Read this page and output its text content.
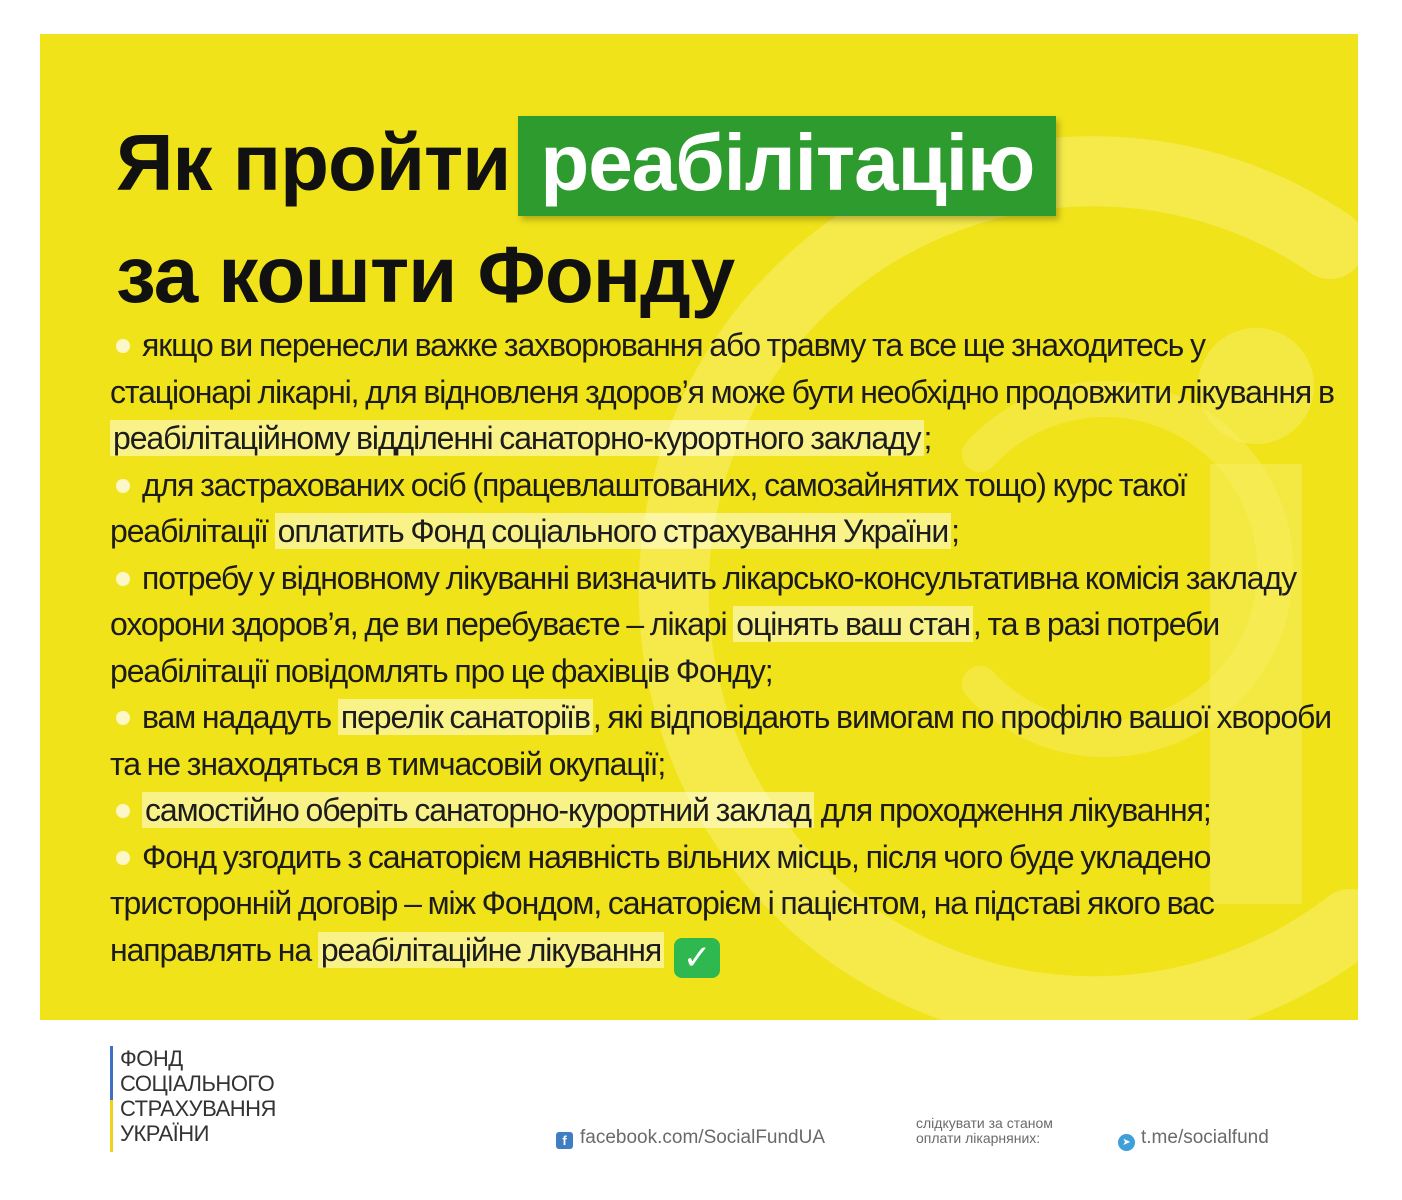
Як пройти реабілітацію
за кошти Фонду

якщо ви перенесли важке захворювання або травму та все ще знаходитесь у стаціонарі лікарні, для відновленя здоров’я може бути необхідно продовжити лікування в реабілітаційному відділенні санаторно-курортного закладу;

для застрахованих осіб (працевлаштованих, самозайнятих тощо) курс такої реабілітації оплатить Фонд соціального страхування України;

потребу у відновному лікуванні визначить лікарсько-консультативна комісія закладу охорони здоров’я, де ви перебуваєте – лікарі оцінять ваш стан, та в разі потреби реабілітації повідомлять про це фахівців Фонду;

вам нададуть перелік санаторіїв, які відповідають вимогам по профілю вашої хвороби та не знаходяться в тимчасовій окупації;

самостійно оберіть санаторно-курортний заклад для проходження лікування;

Фонд узгодить з санаторієм наявність вільних місць, після чого буде укладено тристоронній договір – між Фондом, санаторієм і пацієнтом, на підставі якого вас направлять на реабілітаційне лікування ✓

ФОНД
СОЦІАЛЬНОГО
СТРАХУВАННЯ
УКРАЇНИ	f facebook.com/SocialFundUA
слідкувати за станом
оплати лікарняних:	➤ t.me/socialfund
